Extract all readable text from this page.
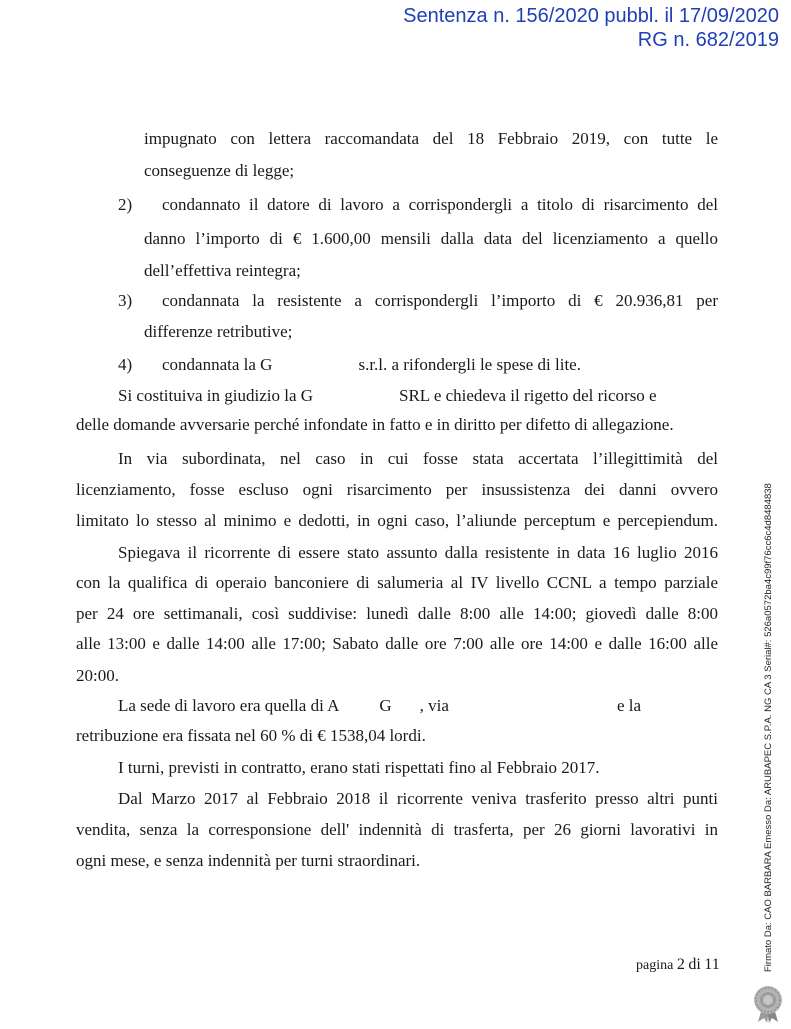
Sentenza n. 156/2020 pubbl. il 17/09/2020
RG n. 682/2019
impugnato con lettera raccomandata del 18 Febbraio 2019, con tutte le
conseguenze di legge;
2)	condannato il datore di lavoro a corrispondergli a titolo di risarcimento del
danno l’importo di € 1.600,00 mensili dalla data del licenziamento a quello
dell’effettiva reintegra;
3)	condannata la resistente a corrispondergli l’importo di € 20.936,81 per
differenze retributive;
4)	condannata la G	s.r.l. a rifondergli le spese di lite.
Si costituiva in giudizio la G	SRL e chiedeva il rigetto del ricorso e
delle domande avversarie perché infondate in fatto e in diritto per difetto di allegazione.
In via subordinata, nel caso in cui fosse stata accertata l’illegittimità del
licenziamento, fosse escluso ogni risarcimento per insussistenza dei danni ovvero
limitato lo stesso al minimo e dedotti, in ogni caso, l’aliunde perceptum e percepiendum.
Spiegava il ricorrente di essere stato assunto dalla resistente in data 16 luglio 2016
con la qualifica di operaio banconiere di salumeria al IV livello CCNL a tempo parziale
per 24 ore settimanali, così suddivise: lunedì dalle 8:00 alle 14:00; giovedì dalle 8:00
alle 13:00 e dalle 14:00 alle 17:00; Sabato dalle ore 7:00 alle ore 14:00 e dalle 16:00 alle
20:00.
La sede di lavoro era quella di A G , via	e la
retribuzione era fissata nel 60 % di € 1538,04 lordi.
I turni, previsti in contratto, erano stati rispettati fino al Febbraio 2017.
Dal Marzo 2017 al Febbraio 2018 il ricorrente veniva trasferito presso altri punti
vendita, senza la corresponsione dell' indennità di trasferta, per 26 giorni lavorativi in
ogni mese, e senza indennità per turni straordinari.
pagina 2 di 11	Firmato Da: CAO BARBARA Emesso Da: ARUBAPEC S.P.A. NG CA 3 Serial#: 526a0572ba4c99f76cc6c4d8484838
